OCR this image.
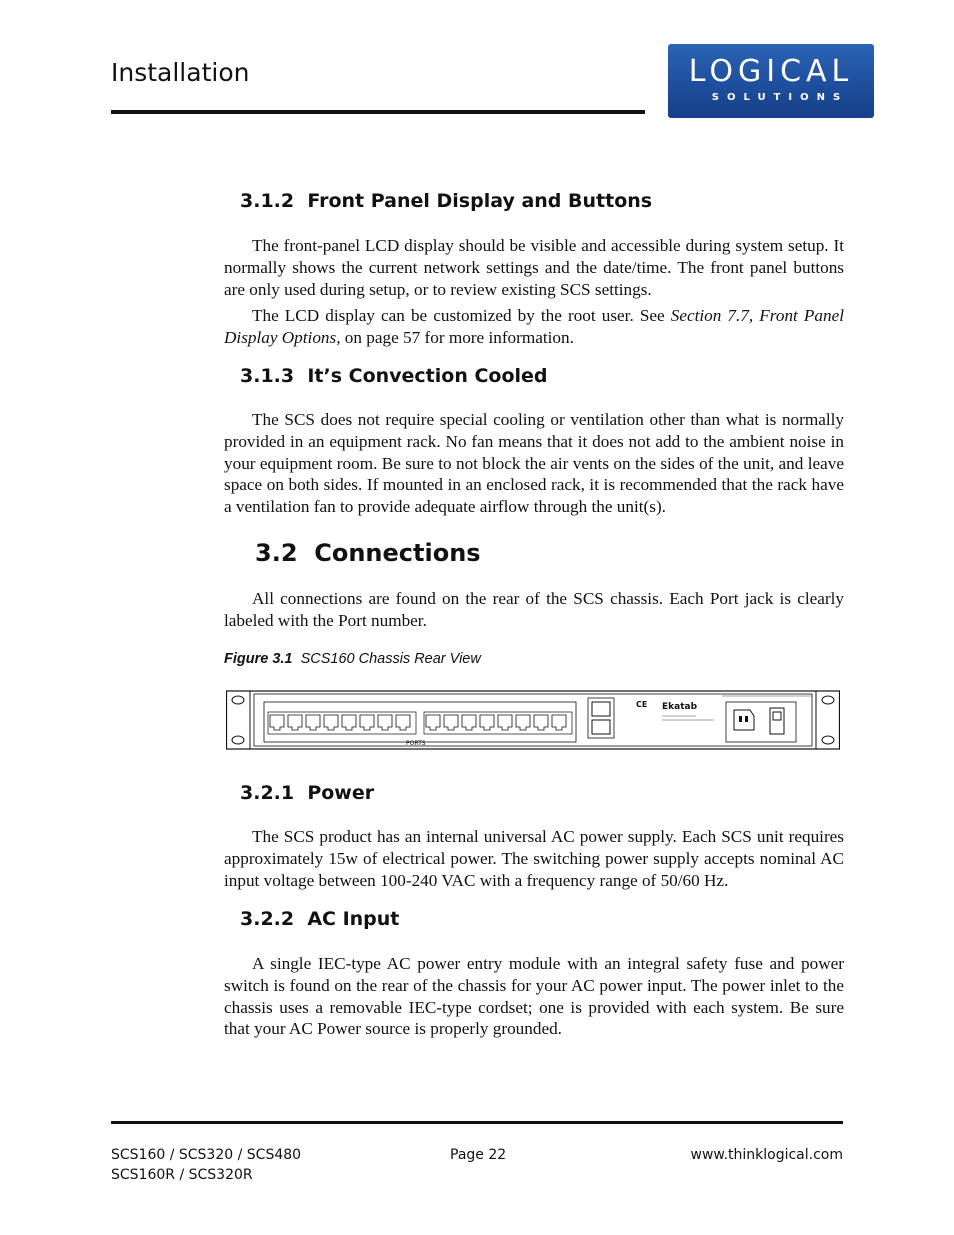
Installation	LOGICAL
SOLUTIONS
3.1.2  Front Panel Display and Buttons
The front-panel LCD display should be visible and accessible during system setup. It normally shows the current network settings and the date/time. The front panel buttons are only used during setup, or to review existing SCS settings.
The LCD display can be customized by the root user. See Section 7.7, Front Panel Display Options, on page 57 for more information.
3.1.3  It’s Convection Cooled
The SCS does not require special cooling or ventilation other than what is normally provided in an equipment rack. No fan means that it does not add to the ambient noise in your equipment room. Be sure to not block the air vents on the sides of the unit, and leave space on both sides. If mounted in an enclosed rack, it is recommended that the rack have a ventilation fan to provide adequate airflow through the unit(s).
3.2  Connections
All connections are found on the rear of the SCS chassis. Each Port jack is clearly labeled with the Port number.
Figure 3.1 SCS160 Chassis Rear View
PORTS
CE Ekatab
3.2.1  Power
The SCS product has an internal universal AC power supply. Each SCS unit requires approximately 15w of electrical power. The switching power supply accepts nominal AC input voltage between 100-240 VAC with a frequency range of 50/60 Hz.
3.2.2  AC Input
A single IEC-type AC power entry module with an integral safety fuse and power switch is found on the rear of the chassis for your AC power input. The power inlet to the chassis uses a removable IEC-type cordset; one is provided with each system. Be sure that your AC Power source is properly grounded.
SCS160 / SCS320 / SCS480
SCS160R / SCS320R
Page 22	www.thinklogical.com
